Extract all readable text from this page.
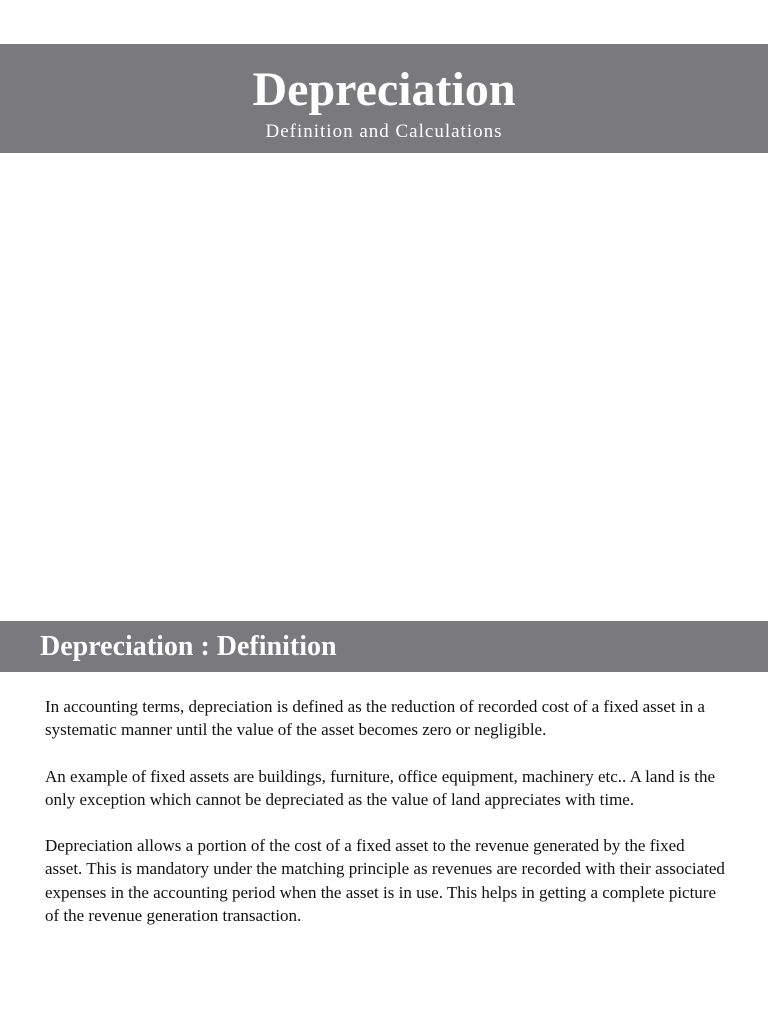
Depreciation
Definition and Calculations
Depreciation : Definition

In accounting terms, depreciation is defined as the reduction of recorded cost of a fixed asset in a systematic manner until the value of the asset becomes zero or negligible.

An example of fixed assets are buildings, furniture, office equipment, machinery etc.. A land is the only exception which cannot be depreciated as the value of land appreciates with time.

Depreciation allows a portion of the cost of a fixed asset to the revenue generated by the fixed asset. This is mandatory under the matching principle as revenues are recorded with their associated expenses in the accounting period when the asset is in use. This helps in getting a complete picture of the revenue generation transaction.
